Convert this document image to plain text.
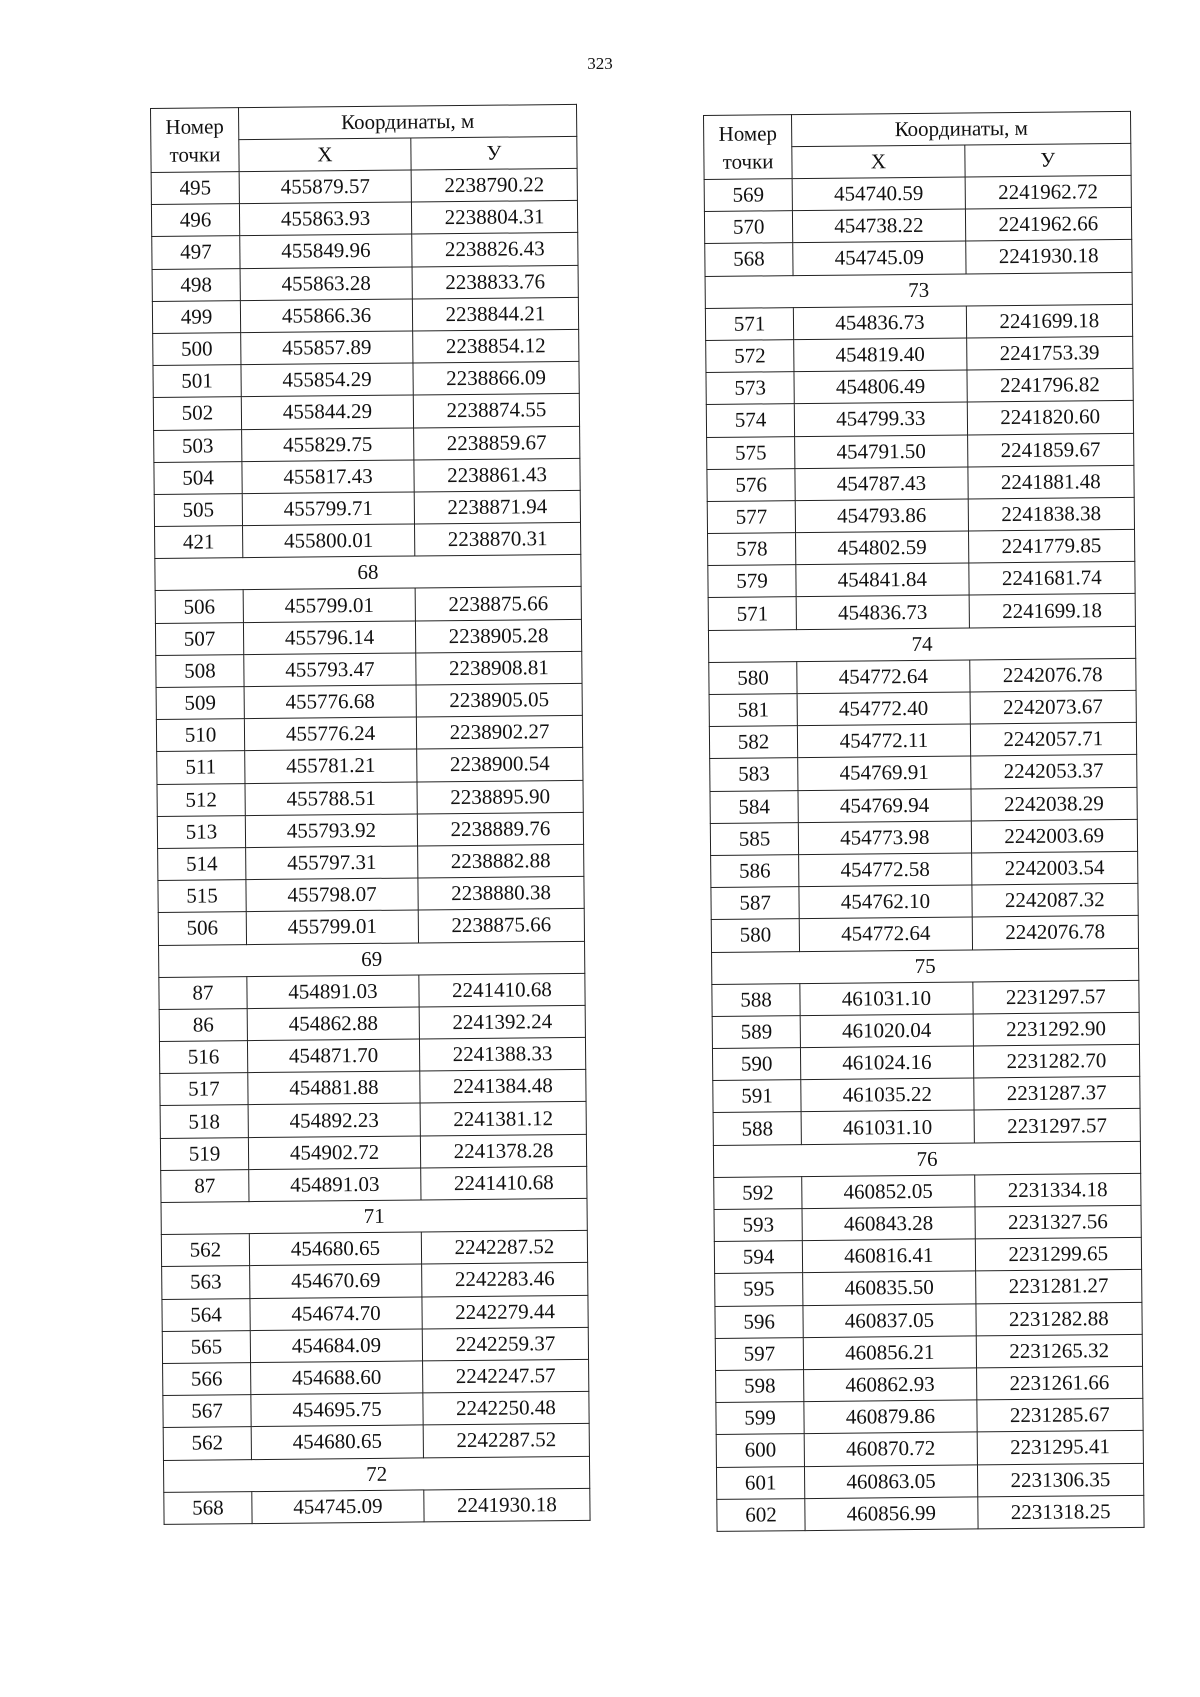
323
Номер
точки	Координаты, м	
	X	У
495	455879.57	2238790.22
496	455863.93	2238804.31
497	455849.96	2238826.43
498	455863.28	2238833.76
499	455866.36	2238844.21
500	455857.89	2238854.12
501	455854.29	2238866.09
502	455844.29	2238874.55
503	455829.75	2238859.67
504	455817.43	2238861.43
505	455799.71	2238871.94
421	455800.01	2238870.31
68		
506	455799.01	2238875.66
507	455796.14	2238905.28
508	455793.47	2238908.81
509	455776.68	2238905.05
510	455776.24	2238902.27
511	455781.21	2238900.54
512	455788.51	2238895.90
513	455793.92	2238889.76
514	455797.31	2238882.88
515	455798.07	2238880.38
506	455799.01	2238875.66
69		
87	454891.03	2241410.68
86	454862.88	2241392.24
516	454871.70	2241388.33
517	454881.88	2241384.48
518	454892.23	2241381.12
519	454902.72	2241378.28
87	454891.03	2241410.68
71		
562	454680.65	2242287.52
563	454670.69	2242283.46
564	454674.70	2242279.44
565	454684.09	2242259.37
566	454688.60	2242247.57
567	454695.75	2242250.48
562	454680.65	2242287.52
72		
568	454745.09	2241930.18
Номер
точки	Координаты, м	
	X	У
569	454740.59	2241962.72
570	454738.22	2241962.66
568	454745.09	2241930.18
73		
571	454836.73	2241699.18
572	454819.40	2241753.39
573	454806.49	2241796.82
574	454799.33	2241820.60
575	454791.50	2241859.67
576	454787.43	2241881.48
577	454793.86	2241838.38
578	454802.59	2241779.85
579	454841.84	2241681.74
571	454836.73	2241699.18
74		
580	454772.64	2242076.78
581	454772.40	2242073.67
582	454772.11	2242057.71
583	454769.91	2242053.37
584	454769.94	2242038.29
585	454773.98	2242003.69
586	454772.58	2242003.54
587	454762.10	2242087.32
580	454772.64	2242076.78
75		
588	461031.10	2231297.57
589	461020.04	2231292.90
590	461024.16	2231282.70
591	461035.22	2231287.37
588	461031.10	2231297.57
76		
592	460852.05	2231334.18
593	460843.28	2231327.56
594	460816.41	2231299.65
595	460835.50	2231281.27
596	460837.05	2231282.88
597	460856.21	2231265.32
598	460862.93	2231261.66
599	460879.86	2231285.67
600	460870.72	2231295.41
601	460863.05	2231306.35
602	460856.99	2231318.25
